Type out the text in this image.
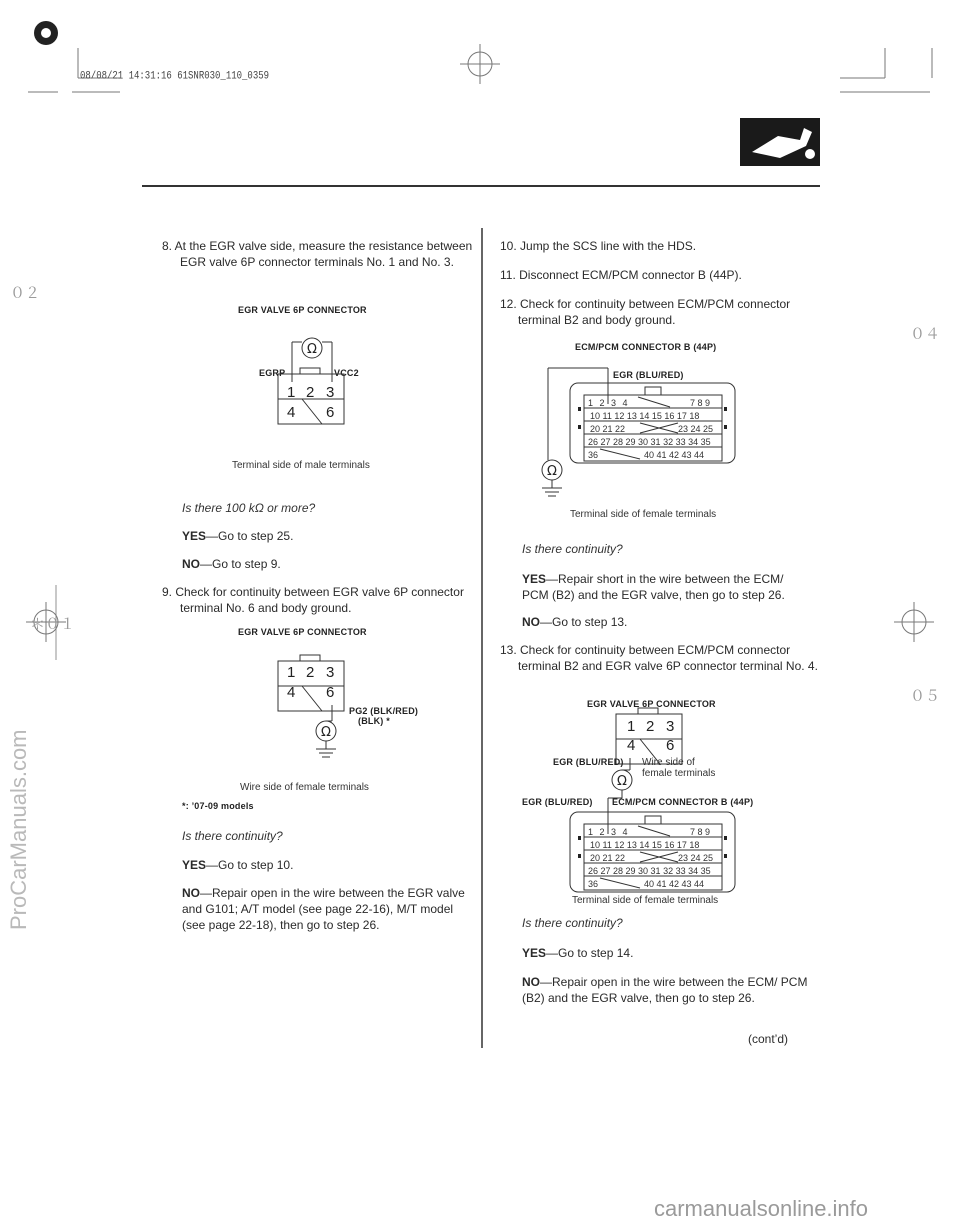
08/08/21 14:31:16 61SNR030_110_0359
０２
０４
０５
＊０１
ProCarManuals.com
carmanualsonline.info
8. At the EGR valve side, measure the resistance between EGR valve 6P connector terminals No. 1 and No. 3.
EGR VALVE 6P CONNECTOR
EGRP	VCC2
Ω
1 2 3
4 6
Terminal side of male terminals
Is there 100 kΩ or more?
YES—Go to step 25.
NO—Go to step 9.
9. Check for continuity between EGR valve 6P connector terminal No. 6 and body ground.
EGR VALVE 6P CONNECTOR
Ω
1 2 3
4 6
PG2 (BLK/RED)
(BLK) *
Wire side of female terminals
*: ’07-09 models
Is there continuity?
YES—Go to step 10.
NO—Repair open in the wire between the EGR valve and G101; A/T model (see page 22-16), M/T model (see page 22-18), then go to step 26.
10. Jump the SCS line with the HDS.
11. Disconnect ECM/PCM connector B (44P).
12. Check for continuity between ECM/PCM connector terminal B2 and body ground.
ECM/PCM CONNECTOR B (44P)
EGR (BLU/RED)
Ω
1 2 3 4	7 8 9
10 11 12 13 14 15 16 17 18
20 21 22	23 24 25
26 27 28 29 30 31 32 33 34 35
36	40 41 42 43 44
Terminal side of female terminals
Is there continuity?
YES—Repair short in the wire between the ECM/ PCM (B2) and the EGR valve, then go to step 26.
NO—Go to step 13.
13. Check for continuity between ECM/PCM connector terminal B2 and EGR valve 6P connector terminal No. 4.
EGR VALVE 6P CONNECTOR
Ω
1 2 3
4 6
EGR (BLU/RED) Wire side of
female terminals
EGR (BLU/RED) ECM/PCM CONNECTOR B (44P)
1 2 3 4	7 8 9
10 11 12 13 14 15 16 17 18
20 21 22	23 24 25
26 27 28 29 30 31 32 33 34 35
36	40 41 42 43 44
Terminal side of female terminals
Is there continuity?
YES—Go to step 14.
NO—Repair open in the wire between the ECM/ PCM (B2) and the EGR valve, then go to step 26.
(cont’d)
